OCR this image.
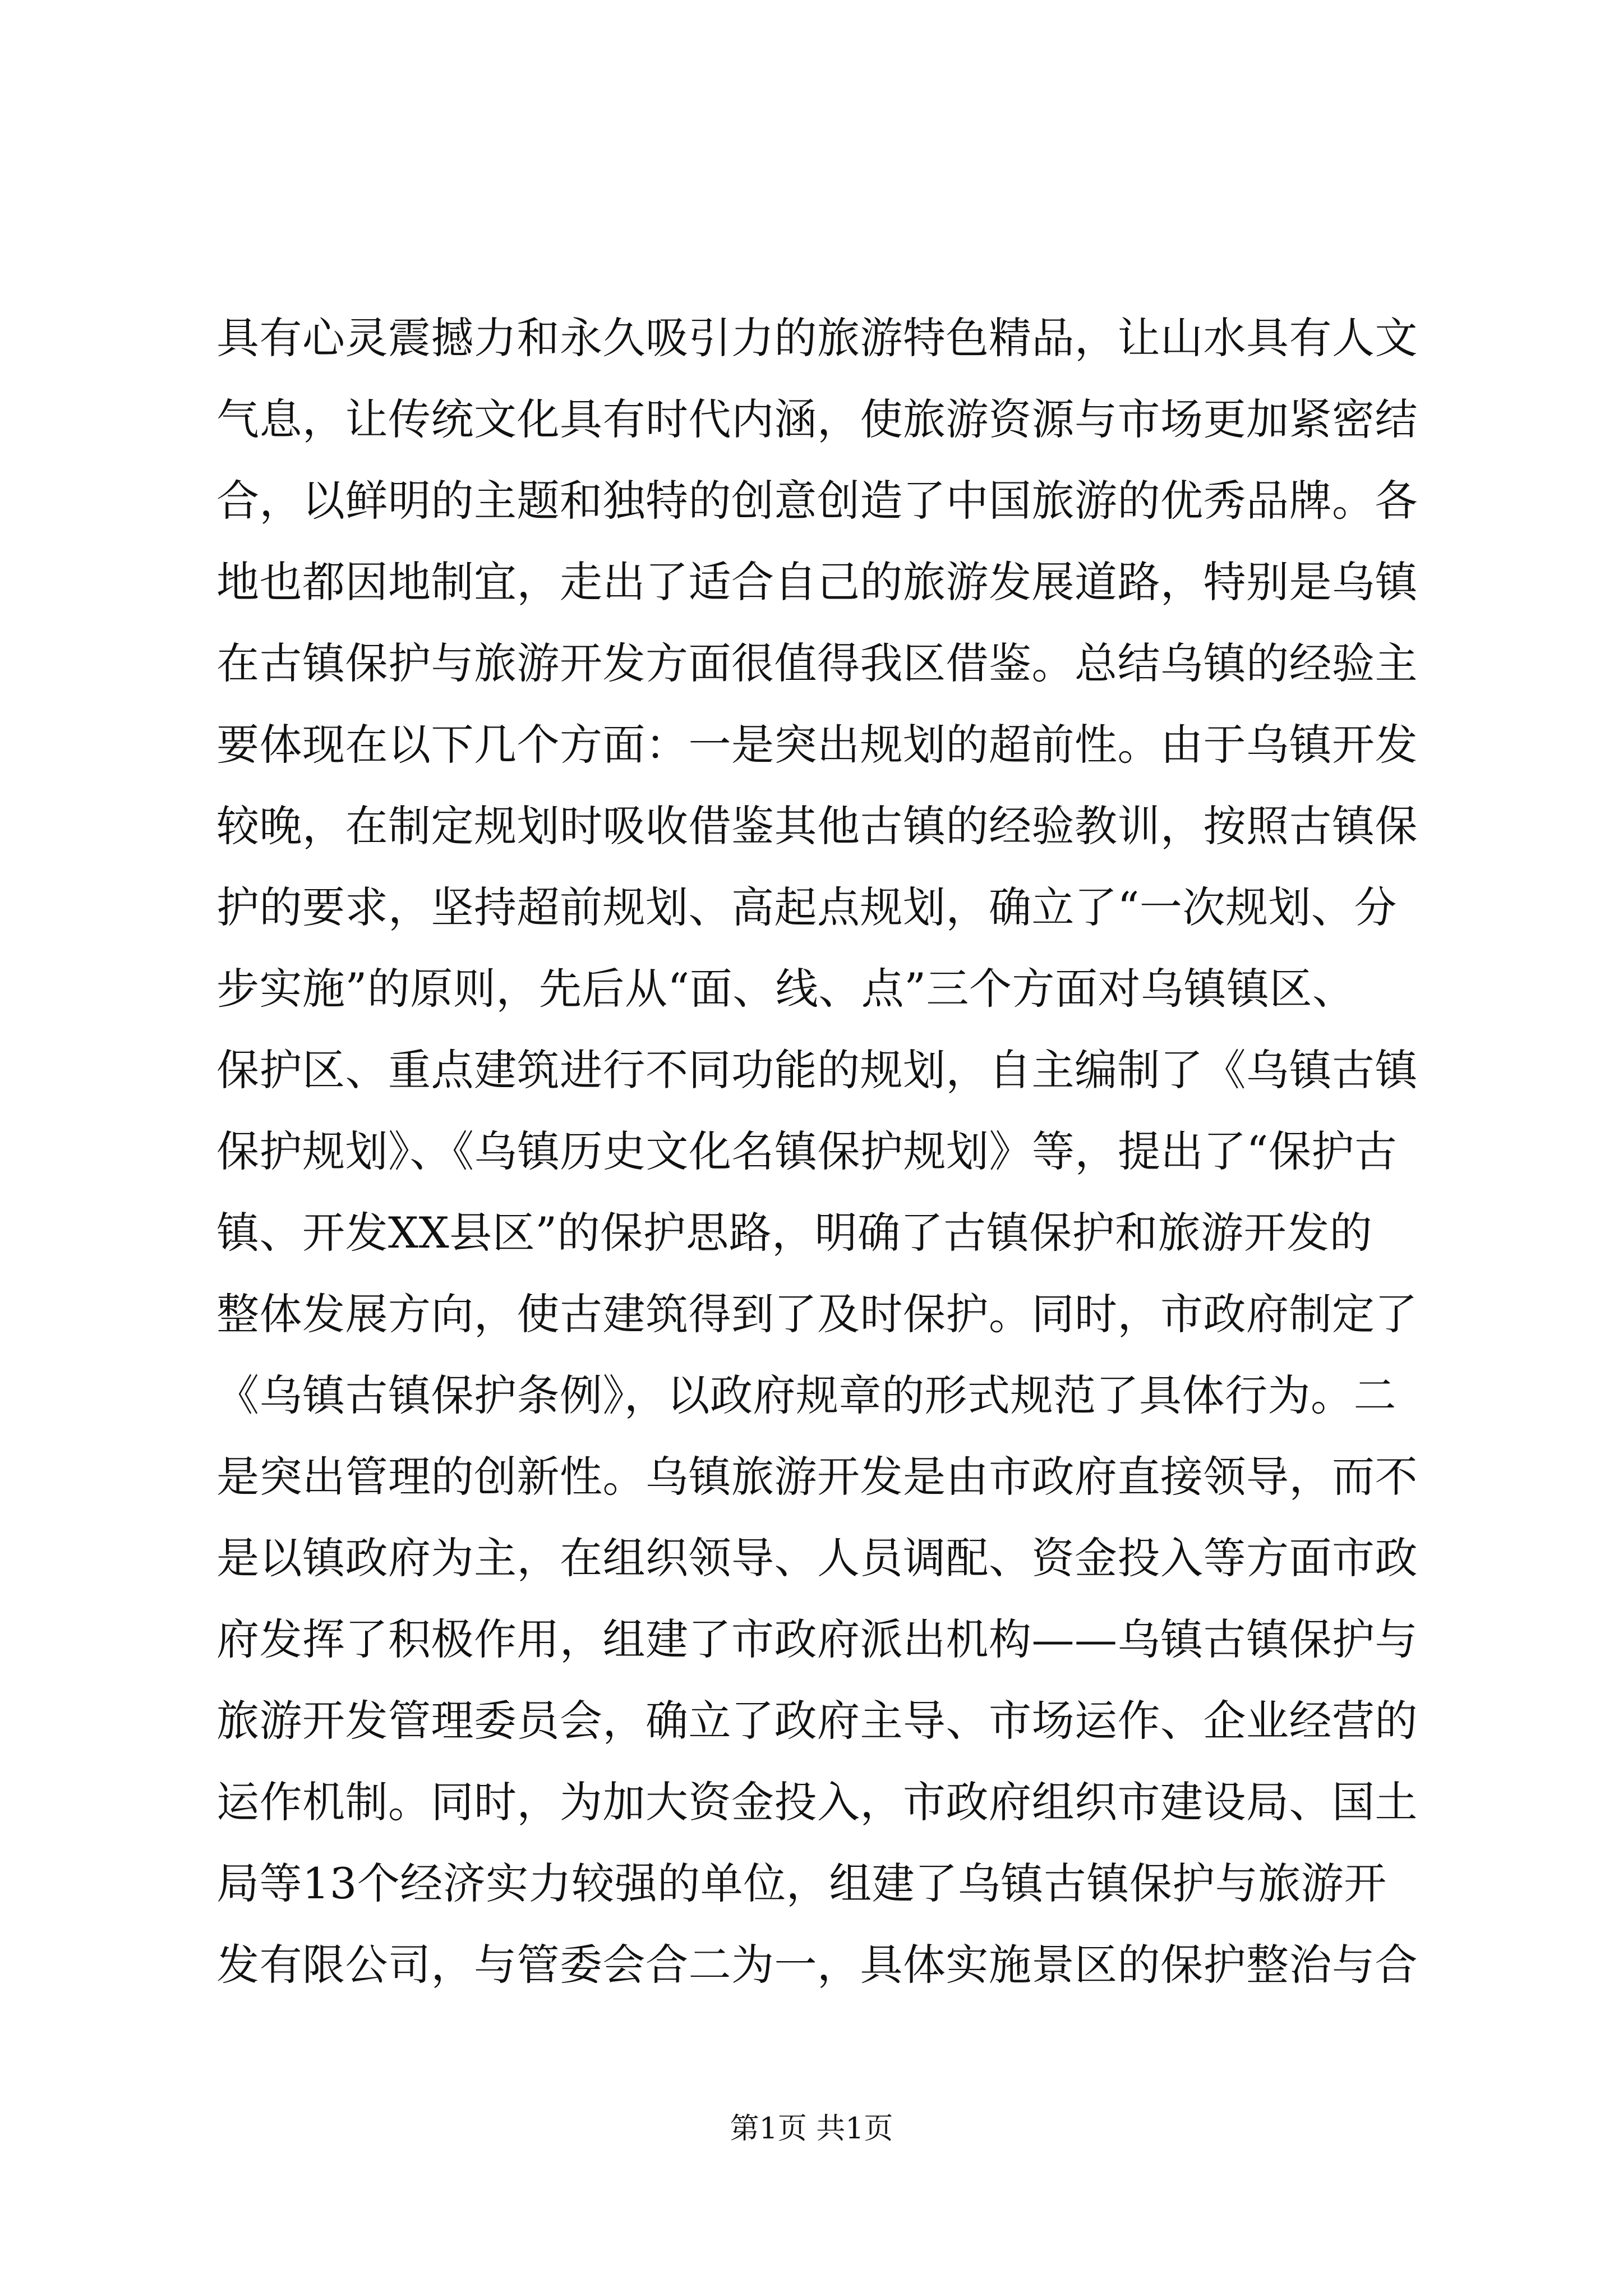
具有心灵震撼力和永久吸引力的旅游特色精品，让山水具有人文
气息，让传统文化具有时代内涵，使旅游资源与市场更加紧密结
合，以鲜明的主题和独特的创意创造了中国旅游的优秀品牌。各
地也都因地制宜，走出了适合自己的旅游发展道路，特别是乌镇
在古镇保护与旅游开发方面很值得我区借鉴。总结乌镇的经验主
要体现在以下几个方面：一是突出规划的超前性。由于乌镇开发
较晚，在制定规划时吸收借鉴其他古镇的经验教训，按照古镇保
护的要求，坚持超前规划、高起点规划，确立了“一次规划、分
步实施”的原则，先后从“面、线、点”三个方面对乌镇镇区、
保护区、重点建筑进行不同功能的规划，自主编制了《乌镇古镇
保护规划》、《乌镇历史文化名镇保护规划》等，提出了“保护古
镇、开发XX县区”的保护思路，明确了古镇保护和旅游开发的
整体发展方向，使古建筑得到了及时保护。同时，市政府制定了
《乌镇古镇保护条例》，以政府规章的形式规范了具体行为。二
是突出管理的创新性。乌镇旅游开发是由市政府直接领导，而不
是以镇政府为主，在组织领导、人员调配、资金投入等方面市政
府发挥了积极作用，组建了市政府派出机构——乌镇古镇保护与
旅游开发管理委员会，确立了政府主导、市场运作、企业经营的
运作机制。同时，为加大资金投入，市政府组织市建设局、国土
局等13个经济实力较强的单位，组建了乌镇古镇保护与旅游开
发有限公司，与管委会合二为一，具体实施景区的保护整治与合
第1页 共1页
